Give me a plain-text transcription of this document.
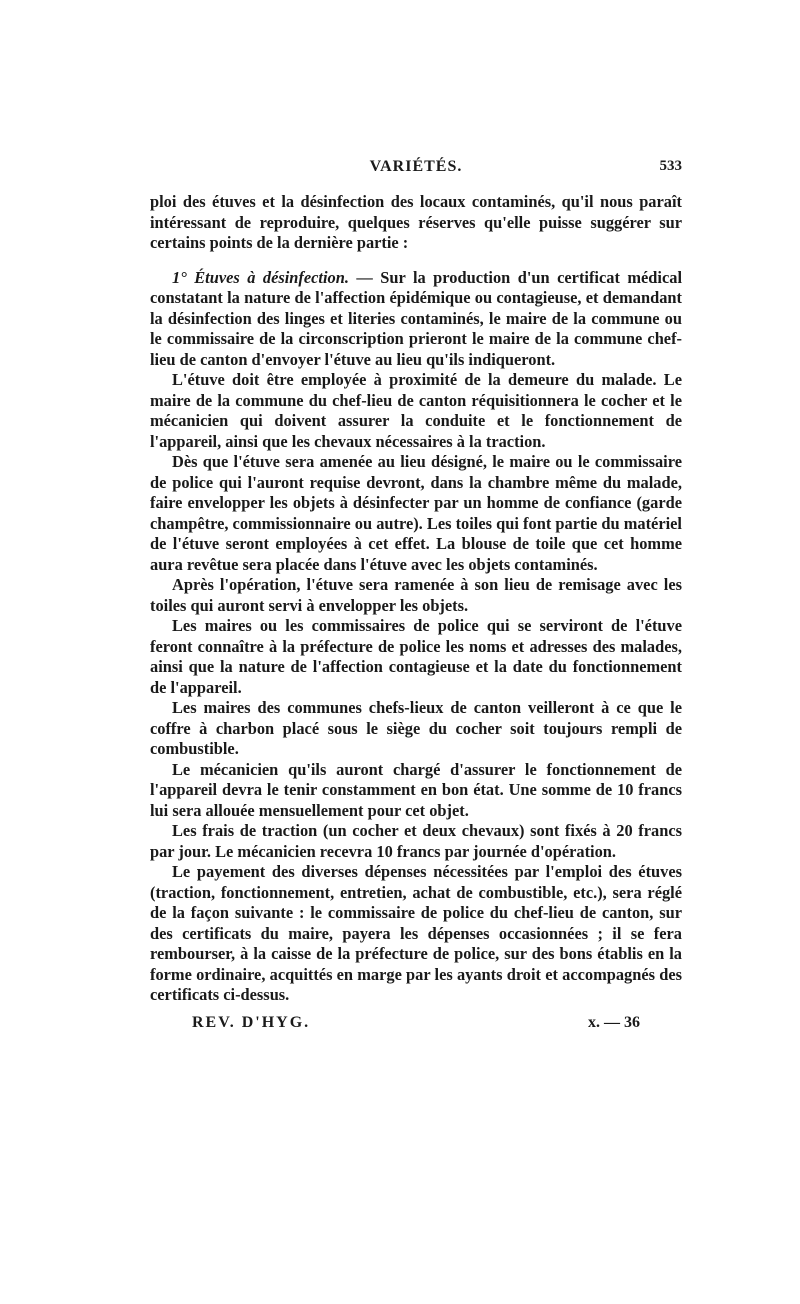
VARIÉTÉS.	533

ploi des étuves et la désinfection des locaux contaminés, qu'il nous paraît intéressant de reproduire, quelques réserves qu'elle puisse suggérer sur certains points de la dernière partie :

1° Étuves à désinfection. — Sur la production d'un certificat médical constatant la nature de l'affection épidémique ou contagieuse, et demandant la désinfection des linges et literies contaminés, le maire de la commune ou le commissaire de la circonscription prieront le maire de la commune chef-lieu de canton d'envoyer l'étuve au lieu qu'ils indiqueront.

L'étuve doit être employée à proximité de la demeure du malade. Le maire de la commune du chef-lieu de canton réquisitionnera le cocher et le mécanicien qui doivent assurer la conduite et le fonctionnement de l'appareil, ainsi que les chevaux nécessaires à la traction.

Dès que l'étuve sera amenée au lieu désigné, le maire ou le commissaire de police qui l'auront requise devront, dans la chambre même du malade, faire envelopper les objets à désinfecter par un homme de confiance (garde champêtre, commissionnaire ou autre). Les toiles qui font partie du matériel de l'étuve seront employées à cet effet. La blouse de toile que cet homme aura revêtue sera placée dans l'étuve avec les objets contaminés.

Après l'opération, l'étuve sera ramenée à son lieu de remisage avec les toiles qui auront servi à envelopper les objets.

Les maires ou les commissaires de police qui se serviront de l'étuve feront connaître à la préfecture de police les noms et adresses des malades, ainsi que la nature de l'affection contagieuse et la date du fonctionnement de l'appareil.

Les maires des communes chefs-lieux de canton veilleront à ce que le coffre à charbon placé sous le siège du cocher soit toujours rempli de combustible.

Le mécanicien qu'ils auront chargé d'assurer le fonctionnement de l'appareil devra le tenir constamment en bon état. Une somme de 10 francs lui sera allouée mensuellement pour cet objet.

Les frais de traction (un cocher et deux chevaux) sont fixés à 20 francs par jour. Le mécanicien recevra 10 francs par journée d'opération.

Le payement des diverses dépenses nécessitées par l'emploi des étuves (traction, fonctionnement, entretien, achat de combustible, etc.), sera réglé de la façon suivante : le commissaire de police du chef-lieu de canton, sur des certificats du maire, payera les dépenses occasionnées ; il se fera rembourser, à la caisse de la préfecture de police, sur des bons établis en la forme ordinaire, acquittés en marge par les ayants droit et accompagnés des certificats ci-dessus.

REV. D'HYG.	x. — 36
